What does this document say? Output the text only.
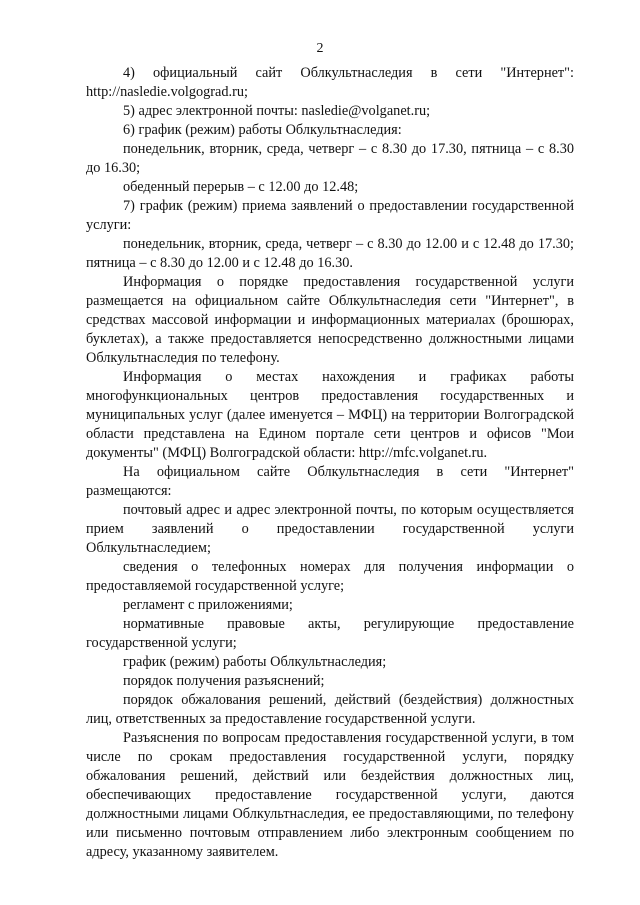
2

4) официальный сайт Облкультнаследия в сети "Интернет": http://nasledie.volgograd.ru;

5) адрес электронной почты: nasledie@volganet.ru;

6) график (режим) работы Облкультнаследия:

понедельник, вторник, среда, четверг – с 8.30 до 17.30, пятница – с 8.30 до 16.30;

обеденный перерыв – с 12.00 до 12.48;

7) график (режим) приема заявлений о предоставлении государственной услуги:

понедельник, вторник, среда, четверг – с 8.30 до 12.00 и с 12.48 до 17.30; пятница – с 8.30 до 12.00 и с 12.48 до 16.30.

Информация о порядке предоставления государственной услуги размещается на официальном сайте Облкультнаследия сети "Интернет", в средствах массовой информации и информационных материалах (брошюрах, буклетах), а также предоставляется непосредственно должностными лицами Облкультнаследия по телефону.

Информация о местах нахождения и графиках работы многофункциональных центров предоставления государственных и муниципальных услуг (далее именуется – МФЦ) на территории Волгоградской области представлена на Едином портале сети центров и офисов "Мои документы" (МФЦ) Волгоградской области: http://mfc.volganet.ru.

На официальном сайте Облкультнаследия в сети "Интернет" размещаются:

почтовый адрес и адрес электронной почты, по которым осуществляется прием заявлений о предоставлении государственной услуги Облкультнаследием;

сведения о телефонных номерах для получения информации о предоставляемой государственной услуге;

регламент с приложениями;

нормативные правовые акты, регулирующие предоставление государственной услуги;

график (режим) работы Облкультнаследия;

порядок получения разъяснений;

порядок обжалования решений, действий (бездействия) должностных лиц, ответственных за предоставление государственной услуги.

Разъяснения по вопросам предоставления государственной услуги, в том числе по срокам предоставления государственной услуги, порядку обжалования решений, действий или бездействия должностных лиц, обеспечивающих предоставление государственной услуги, даются должностными лицами Облкультнаследия, ее предоставляющими, по телефону или письменно почтовым отправлением либо электронным сообщением по адресу, указанному заявителем.
